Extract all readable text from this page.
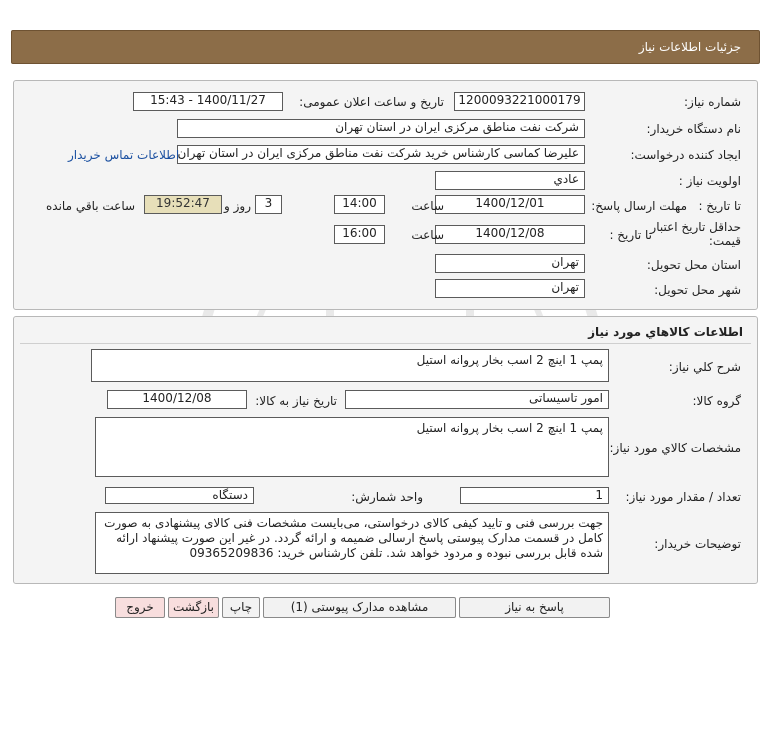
جزئیات اطلاعات نیاز
شماره نیاز:
1200093221000179
تاریخ و ساعت اعلان عمومی:
1400/11/27 - 15:43
نام دستگاه خریدار:
شرکت نفت مناطق مرکزی ایران در استان تهران
ایجاد کننده درخواست:
علیرضا کماسی کارشناس خرید شرکت نفت مناطق مرکزی ایران در استان تهران
اطلاعات تماس خریدار
اولویت نیاز :
عادي
مهلت ارسال پاسخ: تا تاریخ :
1400/12/01
ساعت
14:00
3
روز و
19:52:47
ساعت باقي مانده
حداقل تاریخ اعتبار
قیمت:
تا تاریخ :
1400/12/08
ساعت
16:00
استان محل تحویل:
تهران
شهر محل تحویل:
تهران
اطلاعات کالاهاي مورد نياز
شرح کلي نياز:
پمپ 1 اینچ 2 اسب بخار پروانه استیل
گروه کالا:
امور تاسیساتی
تاریخ نیاز به کالا:
1400/12/08
مشخصات کالاي مورد نياز:
پمپ 1 اینچ 2 اسب بخار پروانه استیل
تعداد / مقدار مورد نیاز:
1
واحد شمارش:
دستگاه
توضیحات خریدار:
جهت بررسی فنی و تایید کیفی کالای درخواستی، می‌بایست مشخصات فنی کالای پیشنهادی به صورت کامل در قسمت مدارک پیوستی پاسخ ارسالی ضمیمه و ارائه گردد. در غیر این صورت پیشنهاد ارائه شده قابل بررسی نبوده و مردود خواهد شد. تلفن کارشناس خرید: 09365209836
پاسخ به نیاز
مشاهده مدارک پیوستی (1)
چاپ
بازگشت
خروج
